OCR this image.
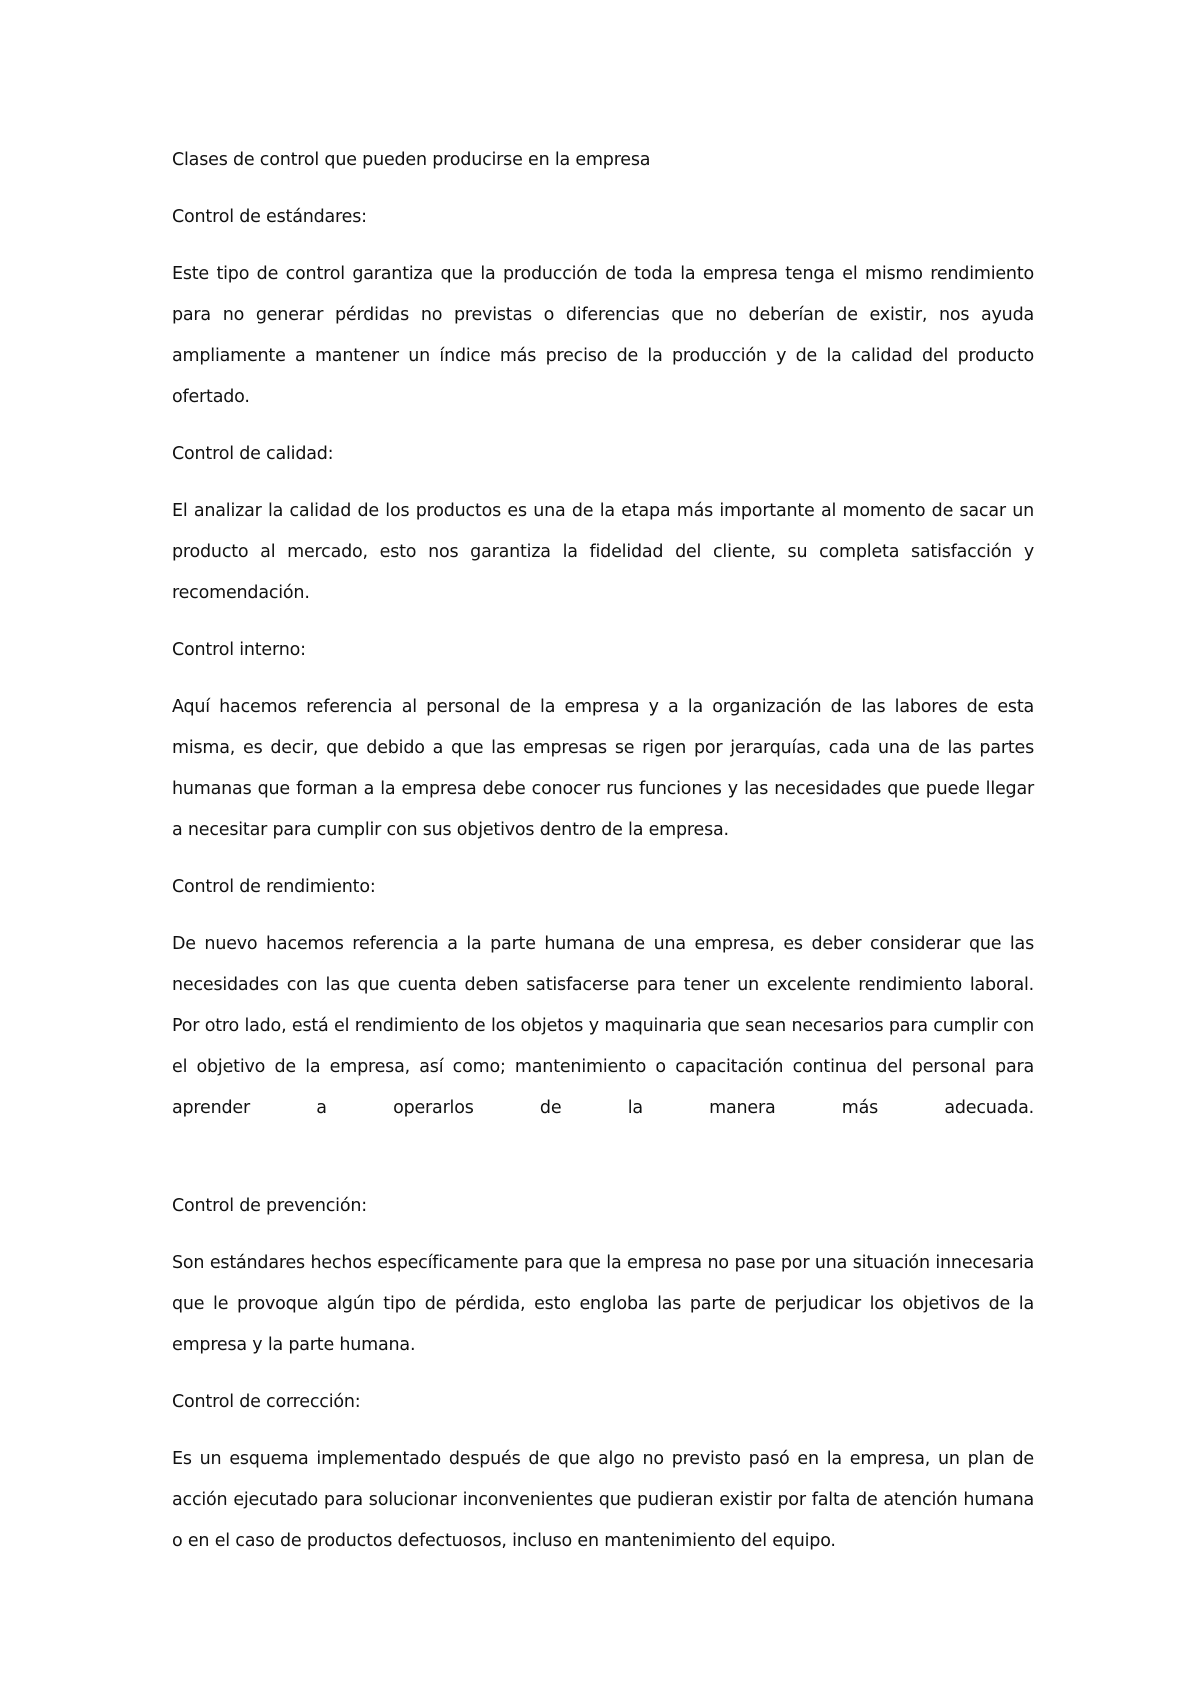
Clases de control que pueden producirse en la empresa

Control de estándares:

Este tipo de control garantiza que la producción de toda la empresa tenga el mismo rendimiento para no generar pérdidas no previstas o diferencias que no deberían de existir, nos ayuda ampliamente a mantener un índice más preciso de la producción y de la calidad del producto ofertado.

Control de calidad:

El analizar la calidad de los productos es una de la etapa más importante al momento de sacar un producto al mercado, esto nos garantiza la fidelidad del cliente, su completa satisfacción y recomendación.

Control interno:

Aquí hacemos referencia al personal de la empresa y a la organización de las labores de esta misma, es decir, que debido a que las empresas se rigen por jerarquías, cada una de las partes humanas que forman a la empresa debe conocer rus funciones y las necesidades que puede llegar a necesitar para cumplir con sus objetivos dentro de la empresa.

Control de rendimiento:

De nuevo hacemos referencia a la parte humana de una empresa, es deber considerar que las necesidades con las que cuenta deben satisfacerse para tener un excelente rendimiento laboral. Por otro lado, está el rendimiento de los objetos y maquinaria que sean necesarios para cumplir con el objetivo de la empresa, así como; mantenimiento o capacitación continua del personal para aprender a operarlos de la manera más adecuada.

Control de prevención:

Son estándares hechos específicamente para que la empresa no pase por una situación innecesaria que le provoque algún tipo de pérdida, esto engloba las parte de perjudicar los objetivos de la empresa y la parte humana.

Control de corrección:

Es un esquema implementado después de que algo no previsto pasó en la empresa, un plan de acción ejecutado para solucionar inconvenientes que pudieran existir por falta de atención humana o en el caso de productos defectuosos, incluso en mantenimiento del equipo.
